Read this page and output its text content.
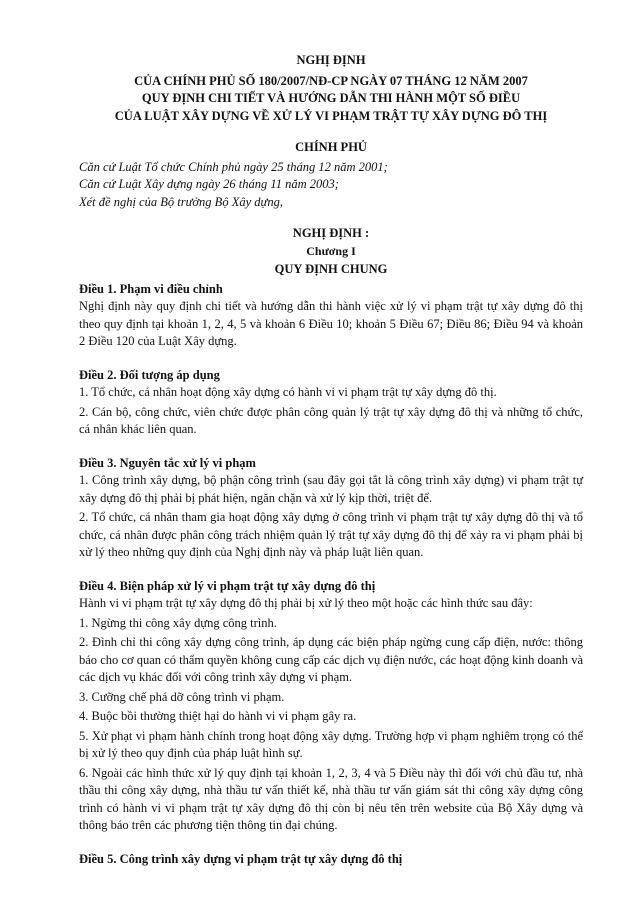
NGHỊ ĐỊNH
CỦA CHÍNH PHỦ SỐ 180/2007/NĐ-CP NGÀY 07 THÁNG 12 NĂM 2007
QUY ĐỊNH CHI TIẾT VÀ HƯỚNG DẪN THI HÀNH MỘT SỐ ĐIỀU
CỦA LUẬT XÂY DỰNG VỀ XỬ LÝ VI PHẠM TRẬT TỰ XÂY DỰNG ĐÔ THỊ
CHÍNH PHỦ
Căn cứ Luật Tổ chức Chính phủ ngày 25 tháng 12 năm 2001;
Căn cứ Luật Xây dựng ngày 26 tháng 11 năm 2003;
Xét đề nghị của Bộ trưởng Bộ Xây dựng,
NGHỊ ĐỊNH :
Chương I
QUY ĐỊNH CHUNG
Điều 1. Phạm vi điều chỉnh

Nghị định này quy định chi tiết và hướng dẫn thi hành việc xử lý vi phạm trật tự xây dựng đô thị theo quy định tại khoản 1, 2, 4, 5 và khoản 6 Điều 10; khoản 5 Điều 67; Điều 86; Điều 94 và khoản 2 Điều 120 của Luật Xây dựng.

Điều 2. Đối tượng áp dụng

1. Tổ chức, cá nhân hoạt động xây dựng có hành vi vi phạm trật tự xây dựng đô thị.

2. Cán bộ, công chức, viên chức được phân công quản lý trật tự xây dựng đô thị và những tổ chức, cá nhân khác liên quan.

Điều 3. Nguyên tắc xử lý vi phạm

1. Công trình xây dựng, bộ phận công trình (sau đây gọi tắt là công trình xây dựng) vi phạm trật tự xây dựng đô thị phải bị phát hiện, ngăn chặn và xử lý kịp thời, triệt để.

2. Tổ chức, cá nhân tham gia hoạt động xây dựng ở công trình vi phạm trật tự xây dựng đô thị và tổ chức, cá nhân được phân công trách nhiệm quản lý trật tự xây dựng đô thị để xảy ra vi phạm phải bị xử lý theo những quy định của Nghị định này và pháp luật liên quan.

Điều 4. Biện pháp xử lý vi phạm trật tự xây dựng đô thị

Hành vi vi phạm trật tự xây dựng đô thị phải bị xử lý theo một hoặc các hình thức sau đây:

1. Ngừng thi công xây dựng công trình.

2. Đình chỉ thi công xây dựng công trình, áp dụng các biện pháp ngừng cung cấp điện, nước: thông báo cho cơ quan có thẩm quyền không cung cấp các dịch vụ điện nước, các hoạt động kinh doanh và các dịch vụ khác đối với công trình xây dựng vi phạm.

3. Cưỡng chế phá dỡ công trình vi phạm.

4. Buộc bồi thường thiệt hại do hành vi vi phạm gây ra.

5. Xử phạt vi phạm hành chính trong hoạt động xây dựng. Trường hợp vi phạm nghiêm trọng có thể bị xử lý theo quy định của pháp luật hình sự.

6. Ngoài các hình thức xử lý quy định tại khoản 1, 2, 3, 4 và 5 Điều này thì đối với chủ đầu tư, nhà thầu thi công xây dựng, nhà thầu tư vấn thiết kế, nhà thầu tư vấn giám sát thi công xây dựng công trình có hành vi vi phạm trật tự xây dựng đô thị còn bị nêu tên trên website của Bộ Xây dựng và thông báo trên các phương tiện thông tin đại chúng.

Điều 5. Công trình xây dựng vi phạm trật tự xây dựng đô thị
